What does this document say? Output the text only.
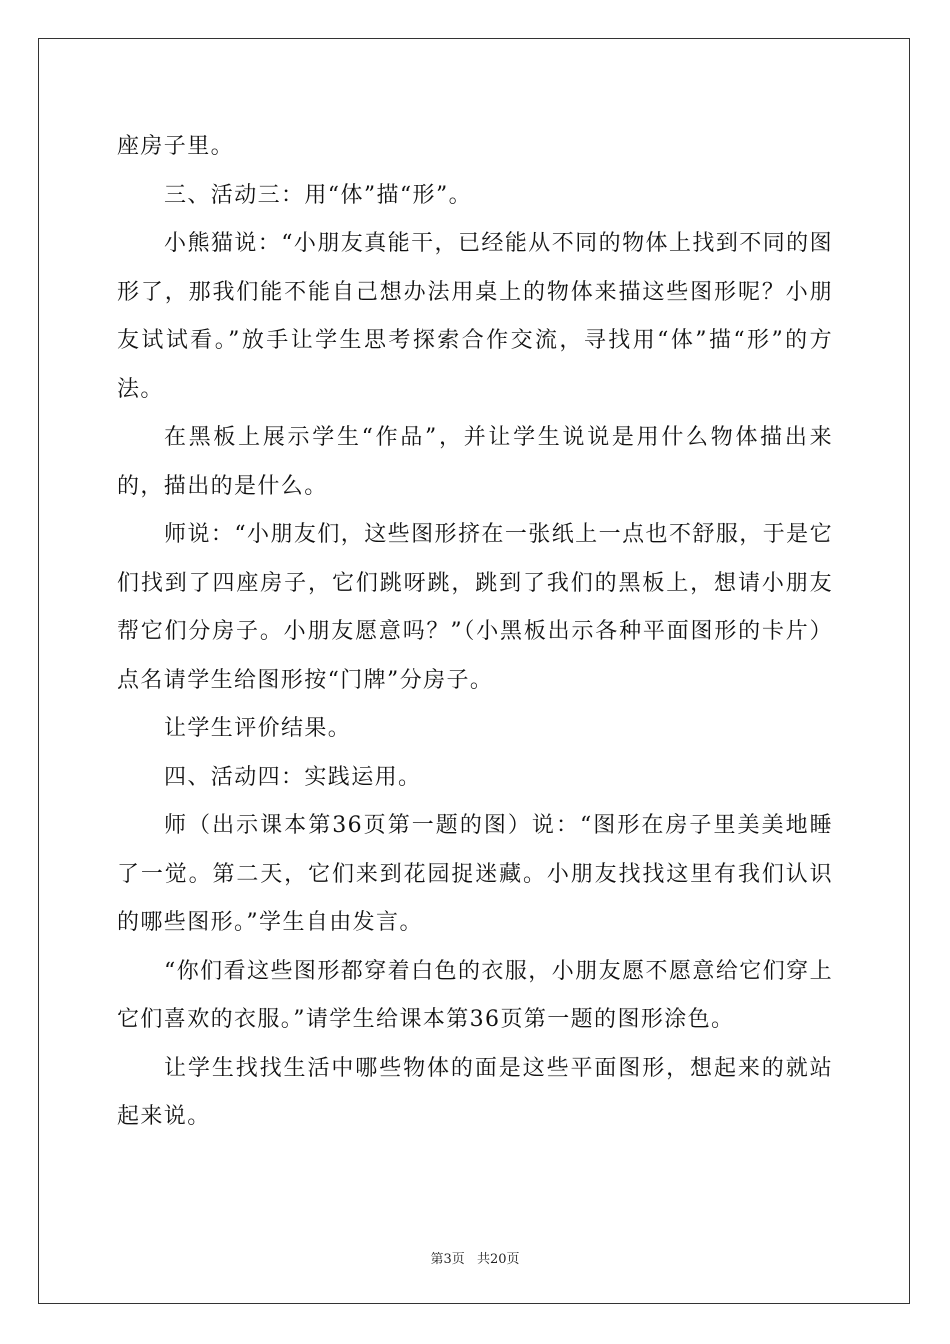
座房子里。

三、活动三：用“体”描“形”。

小熊猫说：“小朋友真能干，已经能从不同的物体上找到不同的图形了，那我们能不能自己想办法用桌上的物体来描这些图形呢？小朋友试试看。”放手让学生思考探索合作交流，寻找用“体”描“形”的方法。

在黑板上展示学生“作品”，并让学生说说是用什么物体描出来的，描出的是什么。

师说：“小朋友们，这些图形挤在一张纸上一点也不舒服，于是它们找到了四座房子，它们跳呀跳，跳到了我们的黑板上，想请小朋友帮它们分房子。小朋友愿意吗？”（小黑板出示各种平面图形的卡片）点名请学生给图形按“门牌”分房子。

让学生评价结果。

四、活动四：实践运用。

师（出示课本第36页第一题的图）说：“图形在房子里美美地睡了一觉。第二天，它们来到花园捉迷藏。小朋友找找这里有我们认识的哪些图形。”学生自由发言。

“你们看这些图形都穿着白色的衣服，小朋友愿不愿意给它们穿上它们喜欢的衣服。”请学生给课本第36页第一题的图形涂色。

让学生找找生活中哪些物体的面是这些平面图形，想起来的就站起来说。

第3页 共20页
